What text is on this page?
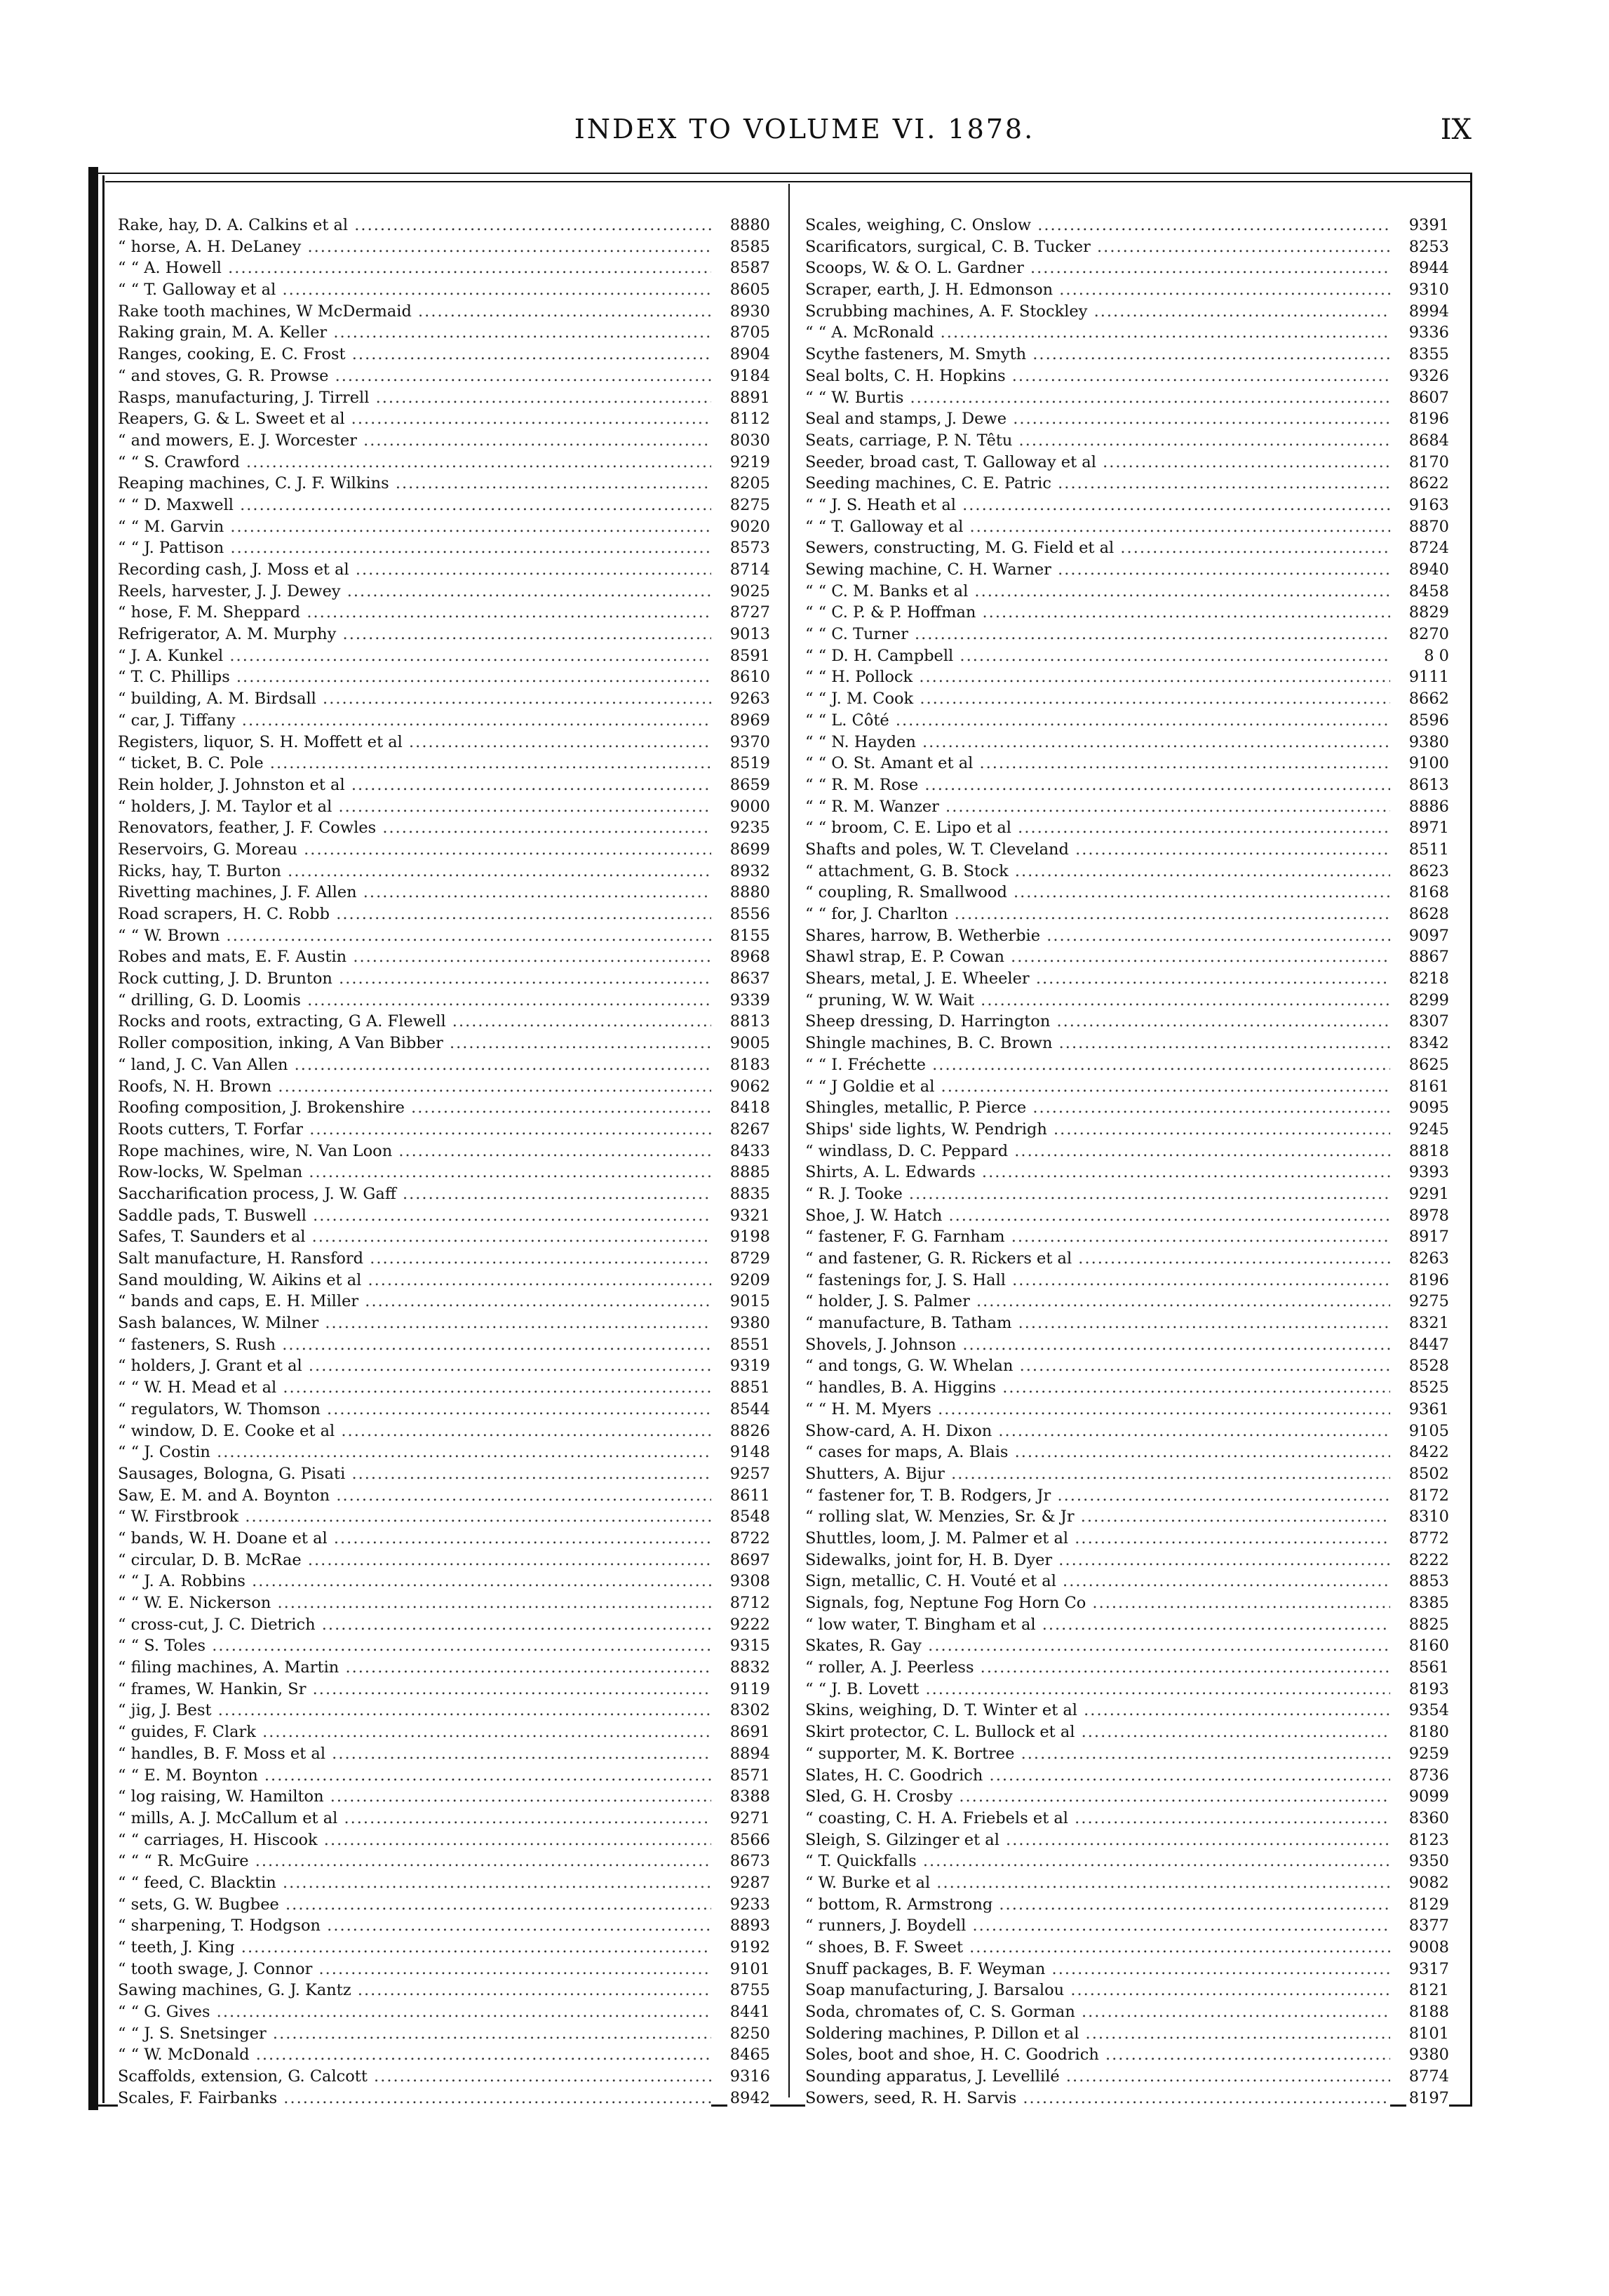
INDEX TO VOLUME VI. 1878.	IX
Rake, hay, D. A. Calkins et al .....	8880
“ horse, A. H. DeLaney .....	8585
“ “ A. Howell .....	8587
“ “ T. Galloway et al .....	8605
Rake tooth machines, W McDermaid .....	8930
Raking grain, M. A. Keller .....	8705
Ranges, cooking, E. C. Frost .....	8904
“ and stoves, G. R. Prowse .....	9184
Rasps, manufacturing, J. Tirrell .....	8891
Reapers, G. & L. Sweet et al .....	8112
“ and mowers, E. J. Worcester .....	8030
“ “ S. Crawford .....	9219
Reaping machines, C. J. F. Wilkins .....	8205
“ “ D. Maxwell .....	8275
“ “ M. Garvin .....	9020
“ “ J. Pattison .....	8573
Recording cash, J. Moss et al .....	8714
Reels, harvester, J. J. Dewey .....	9025
“ hose, F. M. Sheppard .....	8727
Refrigerator, A. M. Murphy .....	9013
“ J. A. Kunkel .....	8591
“ T. C. Phillips .....	8610
“ building, A. M. Birdsall .....	9263
“ car, J. Tiffany .....	8969
Registers, liquor, S. H. Moffett et al .....	9370
“ ticket, B. C. Pole .....	8519
Rein holder, J. Johnston et al .....	8659
“ holders, J. M. Taylor et al .....	9000
Renovators, feather, J. F. Cowles .....	9235
Reservoirs, G. Moreau .....	8699
Ricks, hay, T. Burton .....	8932
Rivetting machines, J. F. Allen .....	8880
Road scrapers, H. C. Robb .....	8556
“ “ W. Brown .....	8155
Robes and mats, E. F. Austin .....	8968
Rock cutting, J. D. Brunton .....	8637
“ drilling, G. D. Loomis .....	9339
Rocks and roots, extracting, G A. Flewell .....	8813
Roller composition, inking, A Van Bibber .....	9005
“ land, J. C. Van Allen .....	8183
Roofs, N. H. Brown .....	9062
Roofing composition, J. Brokenshire .....	8418
Roots cutters, T. Forfar .....	8267
Rope machines, wire, N. Van Loon .....	8433
Row-locks, W. Spelman .....	8885
Saccharification process, J. W. Gaff .....	8835
Saddle pads, T. Buswell .....	9321
Safes, T. Saunders et al .....	9198
Salt manufacture, H. Ransford .....	8729
Sand moulding, W. Aikins et al .....	9209
“ bands and caps, E. H. Miller .....	9015
Sash balances, W. Milner .....	9380
“ fasteners, S. Rush .....	8551
“ holders, J. Grant et al .....	9319
“ “ W. H. Mead et al .....	8851
“ regulators, W. Thomson .....	8544
“ window, D. E. Cooke et al .....	8826
“ “ J. Costin .....	9148
Sausages, Bologna, G. Pisati .....	9257
Saw, E. M. and A. Boynton .....	8611
“ W. Firstbrook .....	8548
“ bands, W. H. Doane et al .....	8722
“ circular, D. B. McRae .....	8697
“ “ J. A. Robbins .....	9308
“ “ W. E. Nickerson .....	8712
“ cross-cut, J. C. Dietrich .....	9222
“ “ S. Toles .....	9315
“ filing machines, A. Martin .....	8832
“ frames, W. Hankin, Sr .....	9119
“ jig, J. Best .....	8302
“ guides, F. Clark .....	8691
“ handles, B. F. Moss et al .....	8894
“ “ E. M. Boynton .....	8571
“ log raising, W. Hamilton .....	8388
“ mills, A. J. McCallum et al .....	9271
“ “ carriages, H. Hiscook .....	8566
“ “ “ R. McGuire .....	8673
“ “ feed, C. Blacktin .....	9287
“ sets, G. W. Bugbee .....	9233
“ sharpening, T. Hodgson .....	8893
“ teeth, J. King .....	9192
“ tooth swage, J. Connor .....	9101
Sawing machines, G. J. Kantz .....	8755
“ “ G. Gives .....	8441
“ “ J. S. Snetsinger .....	8250
“ “ W. McDonald .....	8465
Scaffolds, extension, G. Calcott .....	9316
Scales, F. Fairbanks .....	8942
Scales, weighing, C. Onslow .....	9391
Scarificators, surgical, C. B. Tucker .....	8253
Scoops, W. & O. L. Gardner .....	8944
Scraper, earth, J. H. Edmonson .....	9310
Scrubbing machines, A. F. Stockley .....	8994
“ “ A. McRonald .....	9336
Scythe fasteners, M. Smyth .....	8355
Seal bolts, C. H. Hopkins .....	9326
“ “ W. Burtis .....	8607
Seal and stamps, J. Dewe .....	8196
Seats, carriage, P. N. Têtu .....	8684
Seeder, broad cast, T. Galloway et al .....	8170
Seeding machines, C. E. Patric .....	8622
“ “ J. S. Heath et al .....	9163
“ “ T. Galloway et al .....	8870
Sewers, constructing, M. G. Field et al .....	8724
Sewing machine, C. H. Warner .....	8940
“ “ C. M. Banks et al .....	8458
“ “ C. P. & P. Hoffman .....	8829
“ “ C. Turner .....	8270
“ “ D. H. Campbell .....	8 0
“ “ H. Pollock .....	9111
“ “ J. M. Cook .....	8662
“ “ L. Côté .....	8596
“ “ N. Hayden .....	9380
“ “ O. St. Amant et al .....	9100
“ “ R. M. Rose .....	8613
“ “ R. M. Wanzer .....	8886
“ “ broom, C. E. Lipo et al .....	8971
Shafts and poles, W. T. Cleveland .....	8511
“ attachment, G. B. Stock .....	8623
“ coupling, R. Smallwood .....	8168
“ “ for, J. Charlton .....	8628
Shares, harrow, B. Wetherbie .....	9097
Shawl strap, E. P. Cowan .....	8867
Shears, metal, J. E. Wheeler .....	8218
“ pruning, W. W. Wait .....	8299
Sheep dressing, D. Harrington .....	8307
Shingle machines, B. C. Brown .....	8342
“ “ I. Fréchette .....	8625
“ “ J Goldie et al .....	8161
Shingles, metallic, P. Pierce .....	9095
Ships' side lights, W. Pendrigh .....	9245
“ windlass, D. C. Peppard .....	8818
Shirts, A. L. Edwards .....	9393
“ R. J. Tooke .....	9291
Shoe, J. W. Hatch .....	8978
“ fastener, F. G. Farnham .....	8917
“ and fastener, G. R. Rickers et al .....	8263
“ fastenings for, J. S. Hall .....	8196
“ holder, J. S. Palmer .....	9275
“ manufacture, B. Tatham .....	8321
Shovels, J. Johnson .....	8447
“ and tongs, G. W. Whelan .....	8528
“ handles, B. A. Higgins .....	8525
“ “ H. M. Myers .....	9361
Show-card, A. H. Dixon .....	9105
“ cases for maps, A. Blais .....	8422
Shutters, A. Bijur .....	8502
“ fastener for, T. B. Rodgers, Jr .....	8172
“ rolling slat, W. Menzies, Sr. & Jr .....	8310
Shuttles, loom, J. M. Palmer et al .....	8772
Sidewalks, joint for, H. B. Dyer .....	8222
Sign, metallic, C. H. Vouté et al .....	8853
Signals, fog, Neptune Fog Horn Co .....	8385
“ low water, T. Bingham et al .....	8825
Skates, R. Gay .....	8160
“ roller, A. J. Peerless .....	8561
“ “ J. B. Lovett .....	8193
Skins, weighing, D. T. Winter et al .....	9354
Skirt protector, C. L. Bullock et al .....	8180
“ supporter, M. K. Bortree .....	9259
Slates, H. C. Goodrich .....	8736
Sled, G. H. Crosby .....	9099
“ coasting, C. H. A. Friebels et al .....	8360
Sleigh, S. Gilzinger et al .....	8123
“ T. Quickfalls .....	9350
“ W. Burke et al .....	9082
“ bottom, R. Armstrong .....	8129
“ runners, J. Boydell .....	8377
“ shoes, B. F. Sweet .....	9008
Snuff packages, B. F. Weyman .....	9317
Soap manufacturing, J. Barsalou .....	8121
Soda, chromates of, C. S. Gorman .....	8188
Soldering machines, P. Dillon et al .....	8101
Soles, boot and shoe, H. C. Goodrich .....	9380
Sounding apparatus, J. Levellilé .....	8774
Sowers, seed, R. H. Sarvis .....	8197
